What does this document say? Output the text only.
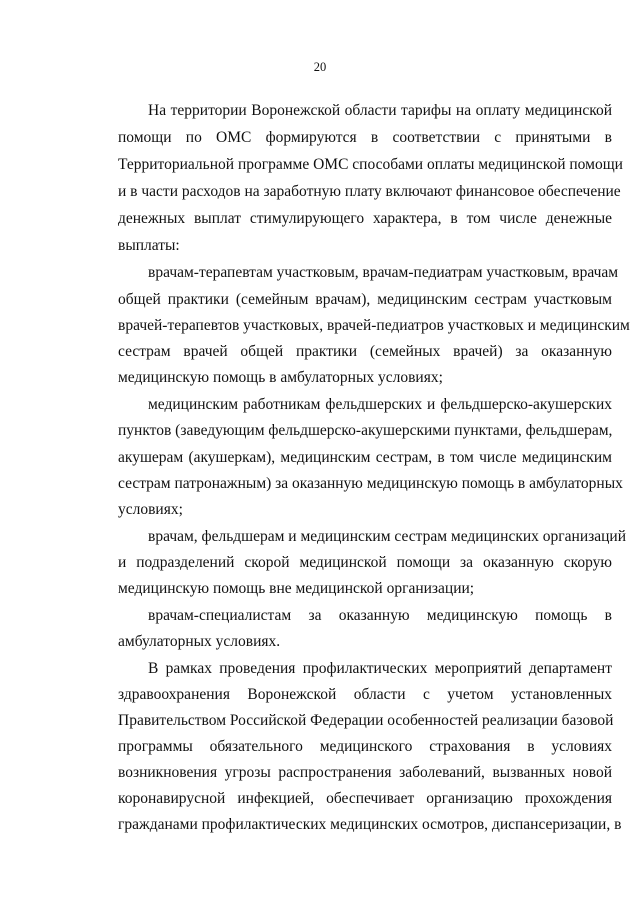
20
На территории Воронежской области тарифы на оплату медицинской
помощи по ОМС формируются в соответствии с принятыми в
Территориальной программе ОМС способами оплаты медицинской помощи
и в части расходов на заработную плату включают финансовое обеспечение
денежных выплат стимулирующего характера, в том числе денежные
выплаты:
врачам-терапевтам участковым, врачам-педиатрам участковым, врачам
общей практики (семейным врачам), медицинским сестрам участковым
врачей-терапевтов участковых, врачей-педиатров участковых и медицинским
сестрам врачей общей практики (семейных врачей) за оказанную
медицинскую помощь в амбулаторных условиях;
медицинским работникам фельдшерских и фельдшерско-акушерских
пунктов (заведующим фельдшерско-акушерскими пунктами, фельдшерам,
акушерам (акушеркам), медицинским сестрам, в том числе медицинским
сестрам патронажным) за оказанную медицинскую помощь в амбулаторных
условиях;
врачам, фельдшерам и медицинским сестрам медицинских организаций
и подразделений скорой медицинской помощи за оказанную скорую
медицинскую помощь вне медицинской организации;
врачам-специалистам за оказанную медицинскую помощь в
амбулаторных условиях.
В рамках проведения профилактических мероприятий департамент
здравоохранения Воронежской области с учетом установленных
Правительством Российской Федерации особенностей реализации базовой
программы обязательного медицинского страхования в условиях
возникновения угрозы распространения заболеваний, вызванных новой
коронавирусной инфекцией, обеспечивает организацию прохождения
гражданами профилактических медицинских осмотров, диспансеризации, в
